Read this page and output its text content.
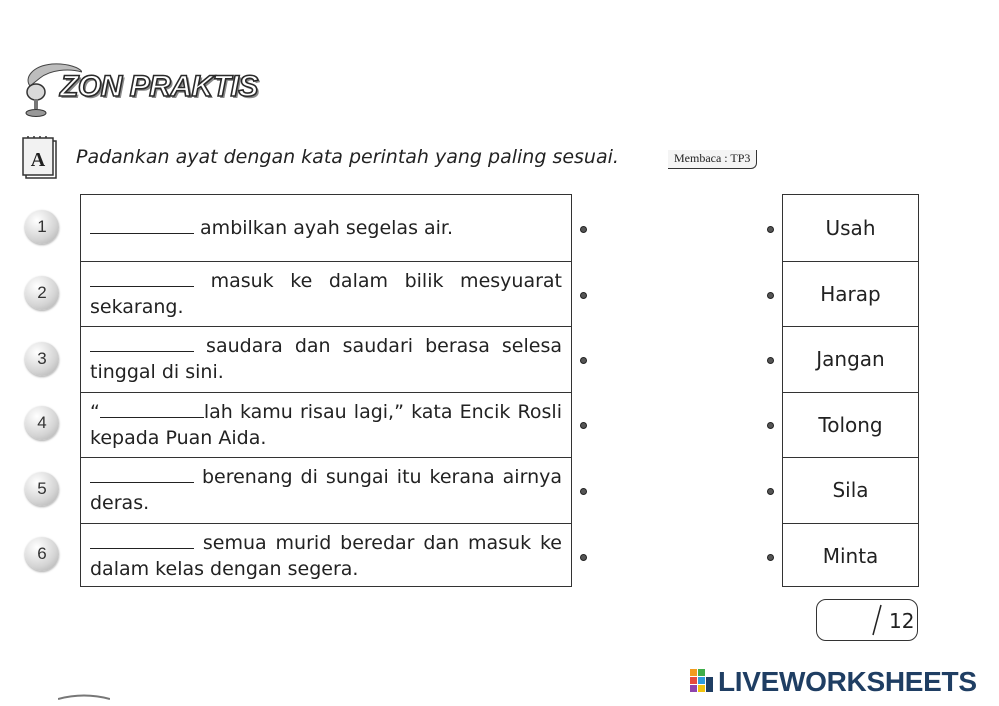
ZON PRAKTIS
A Padankan ayat dengan kata perintah yang paling sesuai.	Membaca : TP3
1
2
3
4
5
6
ambilkan ayah segelas air.
masuk ke dalam bilik mesyuarat sekarang.
saudara dan saudari berasa selesa tinggal di sini.
“	lah kamu risau lagi,” kata Encik Rosli kepada Puan Aida.
berenang di sungai itu kerana airnya deras.
semua murid beredar dan masuk ke dalam kelas dengan segera.
Usah
Harap
Jangan
Tolong
Sila
Minta
12
LIVEWORKSHEETS
